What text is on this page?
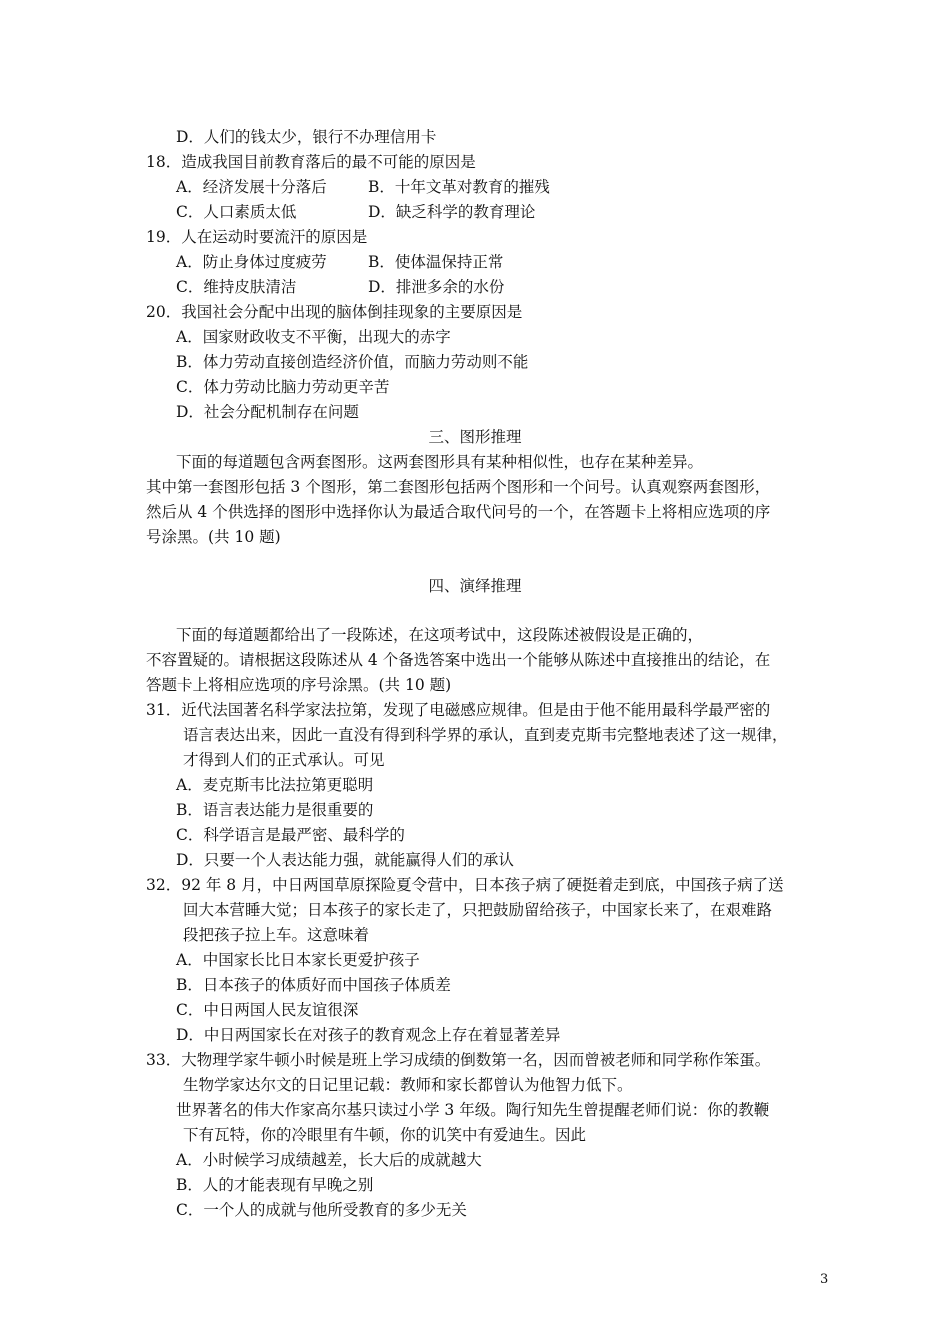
D．人们的钱太少，银行不办理信用卡
18．造成我国目前教育落后的最不可能的原因是
A．经济发展十分落后	B．十年文革对教育的摧残
C．人口素质太低	D．缺乏科学的教育理论
19．人在运动时要流汗的原因是
A．防止身体过度疲劳	B．使体温保持正常
C．维持皮肤清洁	D．排泄多余的水份
20．我国社会分配中出现的脑体倒挂现象的主要原因是
A．国家财政收支不平衡，出现大的赤字
B．体力劳动直接创造经济价值，而脑力劳动则不能
C．体力劳动比脑力劳动更辛苦
D．社会分配机制存在问题
三、图形推理
下面的每道题包含两套图形。这两套图形具有某种相似性，也存在某种差异。
其中第一套图形包括 3 个图形，第二套图形包括两个图形和一个问号。认真观察两套图形，
然后从 4 个供选择的图形中选择你认为最适合取代问号的一个，在答题卡上将相应选项的序
号涂黑。(共 10 题)
四、演绎推理
下面的每道题都给出了一段陈述，在这项考试中，这段陈述被假设是正确的，
不容置疑的。请根据这段陈述从 4 个备选答案中选出一个能够从陈述中直接推出的结论，在
答题卡上将相应选项的序号涂黑。(共 10 题)
31．近代法国著名科学家法拉第，发现了电磁感应规律。但是由于他不能用最科学最严密的
语言表达出来，因此一直没有得到科学界的承认，直到麦克斯韦完整地表述了这一规律，
才得到人们的正式承认。可见
A．麦克斯韦比法拉第更聪明
B．语言表达能力是很重要的
C．科学语言是最严密、最科学的
D．只要一个人表达能力强，就能赢得人们的承认
32．92 年 8 月，中日两国草原探险夏令营中，日本孩子病了硬挺着走到底，中国孩子病了送
回大本营睡大觉；日本孩子的家长走了，只把鼓励留给孩子，中国家长来了，在艰难路
段把孩子拉上车。这意味着
A．中国家长比日本家长更爱护孩子
B．日本孩子的体质好而中国孩子体质差
C．中日两国人民友谊很深
D．中日两国家长在对孩子的教育观念上存在着显著差异
33．大物理学家牛顿小时候是班上学习成绩的倒数第一名，因而曾被老师和同学称作笨蛋。
生物学家达尔文的日记里记载：教师和家长都曾认为他智力低下。
世界著名的伟大作家高尔基只读过小学 3 年级。陶行知先生曾提醒老师们说：你的教鞭
下有瓦特，你的冷眼里有牛顿，你的讥笑中有爱迪生。因此
A．小时候学习成绩越差，长大后的成就越大
B．人的才能表现有早晚之别
C．一个人的成就与他所受教育的多少无关
3
